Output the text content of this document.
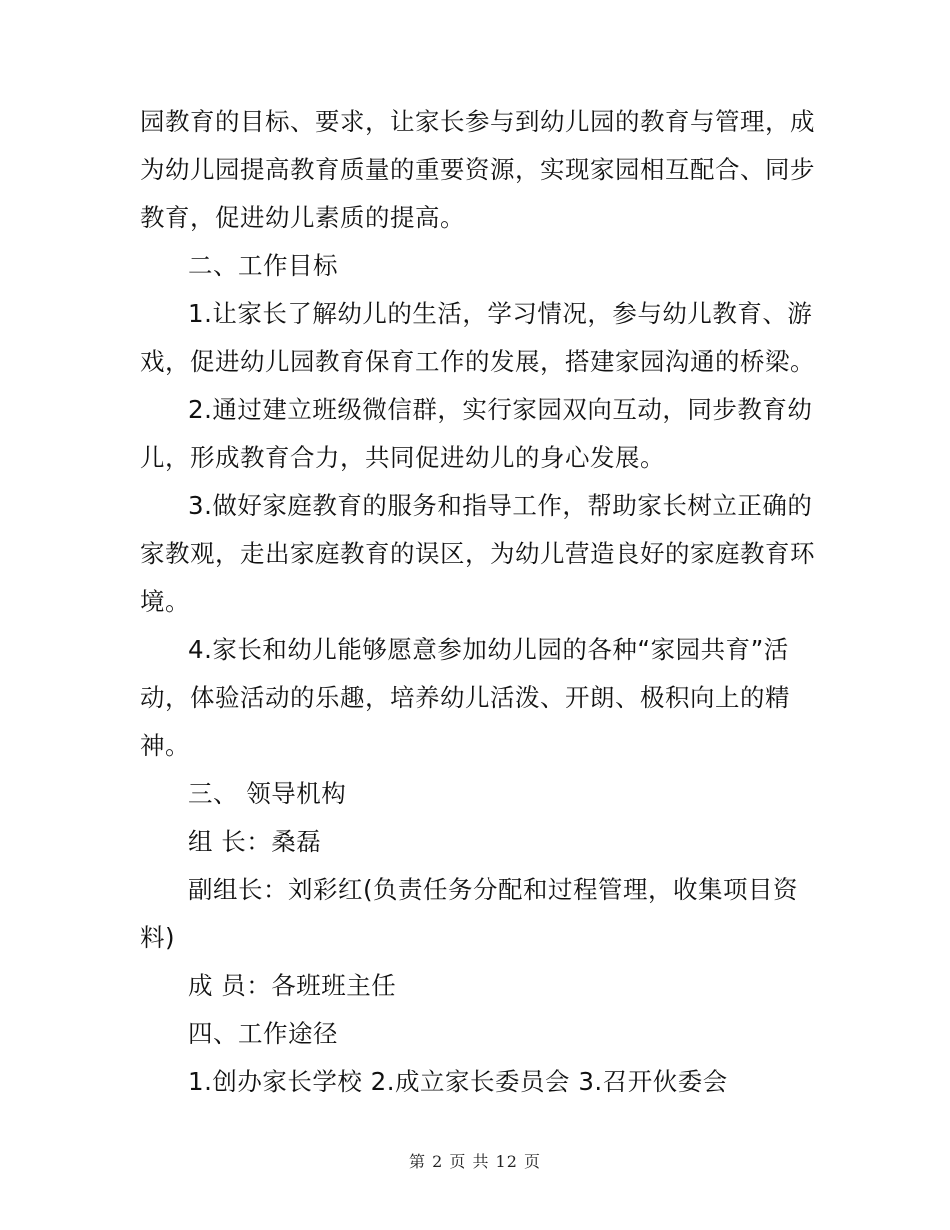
园教育的目标、要求，让家长参与到幼儿园的教育与管理，成
为幼儿园提高教育质量的重要资源，实现家园相互配合、同步
教育，促进幼儿素质的提高。
二、工作目标
1.让家长了解幼儿的生活，学习情况，参与幼儿教育、游
戏，促进幼儿园教育保育工作的发展，搭建家园沟通的桥梁。
2.通过建立班级微信群，实行家园双向互动，同步教育幼
儿，形成教育合力，共同促进幼儿的身心发展。
3.做好家庭教育的服务和指导工作，帮助家长树立正确的
家教观，走出家庭教育的误区，为幼儿营造良好的家庭教育环
境。
4.家长和幼儿能够愿意参加幼儿园的各种“家园共育”活
动，体验活动的乐趣，培养幼儿活泼、开朗、极积向上的精
神。
三、 领导机构
组 长：桑磊
副组长：刘彩红(负责任务分配和过程管理，收集项目资
料)
成 员：各班班主任
四、工作途径
1.创办家长学校 2.成立家长委员会 3.召开伙委会
第 2 页 共 12 页
